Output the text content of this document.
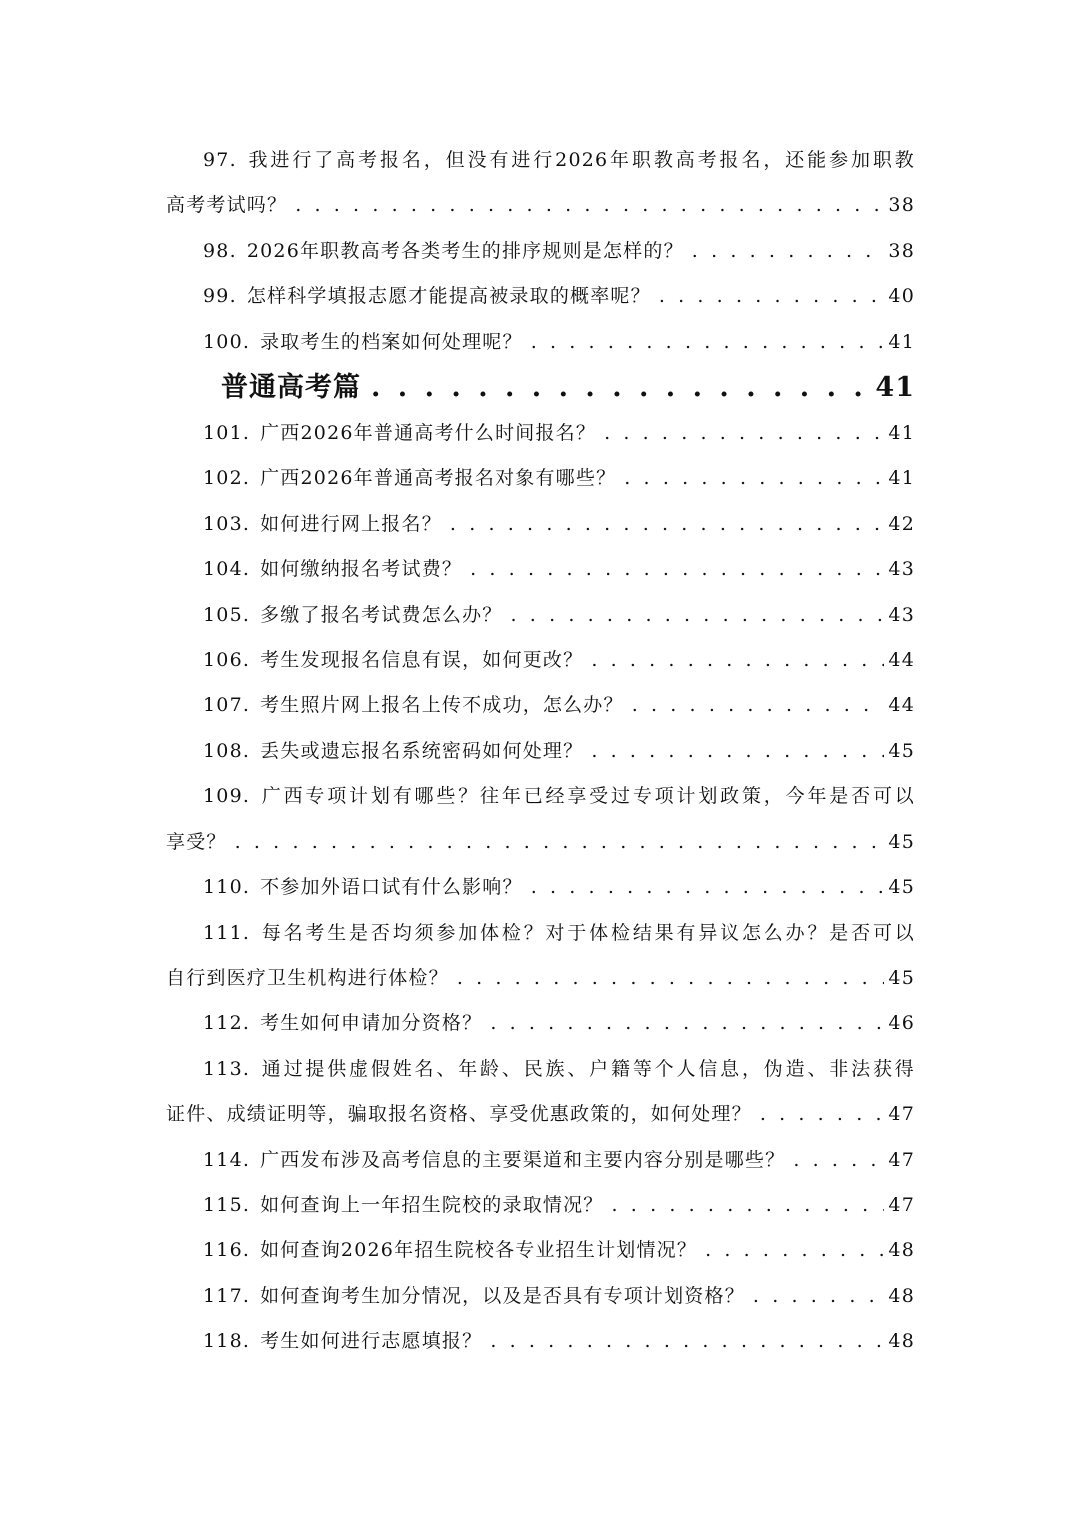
97. 我进行了高考报名，但没有进行2026年职教高考报名，还能参加职教
高考考试吗？ . . .	38
98. 2026年职教高考各类考生的排序规则是怎样的？ . . .	38
99. 怎样科学填报志愿才能提高被录取的概率呢？ . . .	40
100. 录取考生的档案如何处理呢？ . . .	41
普通高考篇 . . .	41
101. 广西2026年普通高考什么时间报名？ . . .	41
102. 广西2026年普通高考报名对象有哪些？ . . .	41
103. 如何进行网上报名？ . . .	42
104. 如何缴纳报名考试费？ . . .	43
105. 多缴了报名考试费怎么办？ . . .	43
106. 考生发现报名信息有误，如何更改？ . . .	44
107. 考生照片网上报名上传不成功，怎么办？ . . .	44
108. 丢失或遗忘报名系统密码如何处理？ . . .	45
109. 广西专项计划有哪些？往年已经享受过专项计划政策，今年是否可以
享受？ . . .	45
110. 不参加外语口试有什么影响？ . . .	45
111. 每名考生是否均须参加体检？对于体检结果有异议怎么办？是否可以
自行到医疗卫生机构进行体检？ . . .	45
112. 考生如何申请加分资格？ . . .	46
113. 通过提供虚假姓名、年龄、民族、户籍等个人信息，伪造、非法获得
证件、成绩证明等，骗取报名资格、享受优惠政策的，如何处理？ . . .	47
114. 广西发布涉及高考信息的主要渠道和主要内容分别是哪些？ . . .	47
115. 如何查询上一年招生院校的录取情况？ . . .	47
116. 如何查询2026年招生院校各专业招生计划情况？ . . .	48
117. 如何查询考生加分情况，以及是否具有专项计划资格？ . . .	48
118. 考生如何进行志愿填报？ . . .	48
